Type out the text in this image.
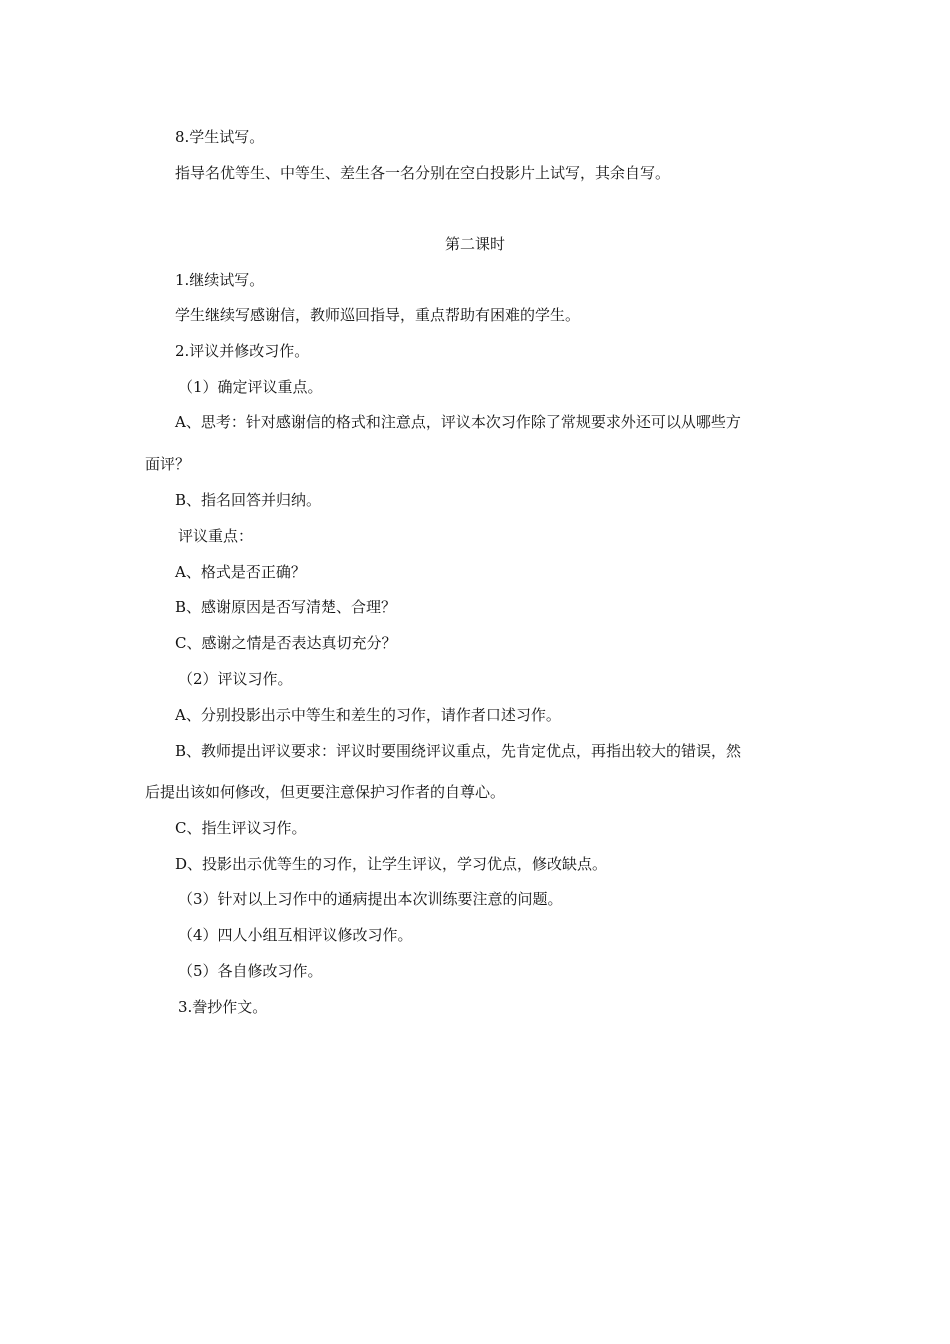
8.学生试写。
指导名优等生、中等生、差生各一名分别在空白投影片上试写，其余自写。
第二课时
1.继续试写。
学生继续写感谢信，教师巡回指导，重点帮助有困难的学生。
2.评议并修改习作。
（1）确定评议重点。
A、思考：针对感谢信的格式和注意点，评议本次习作除了常规要求外还可以从哪些方
面评？
B、指名回答并归纳。
评议重点：
A、格式是否正确？
B、感谢原因是否写清楚、合理？
C、感谢之情是否表达真切充分？
（2）评议习作。
A、分别投影出示中等生和差生的习作，请作者口述习作。
B、教师提出评议要求：评议时要围绕评议重点，先肯定优点，再指出较大的错误，然
后提出该如何修改，但更要注意保护习作者的自尊心。
C、指生评议习作。
D、投影出示优等生的习作，让学生评议，学习优点，修改缺点。
（3）针对以上习作中的通病提出本次训练要注意的问题。
（4）四人小组互相评议修改习作。
（5）各自修改习作。
3.誊抄作文。
